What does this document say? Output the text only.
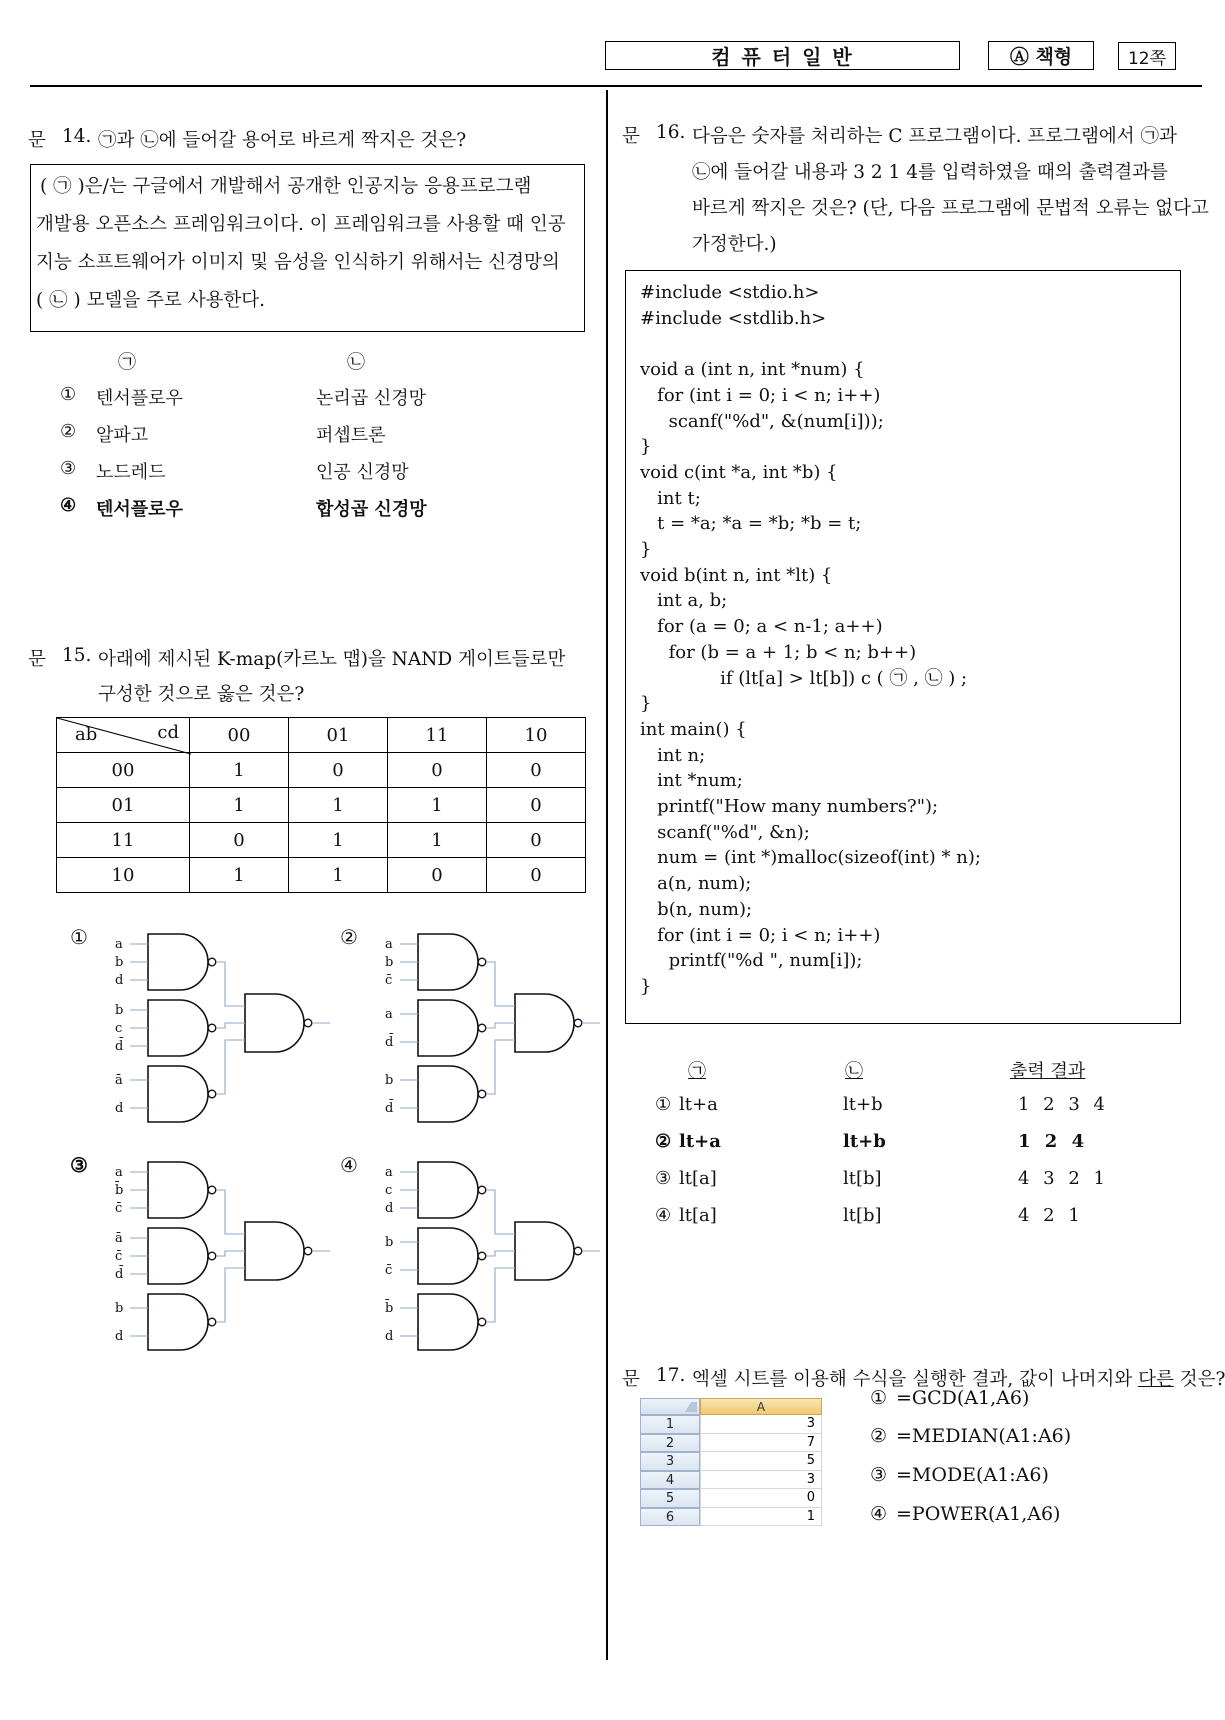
컴 퓨 터 일 반	Ⓐ 책형	12쪽
문 14. ㉠과 ㉡에 들어갈 용어로 바르게 짝지은 것은?
( ㉠ )은/는 구글에서 개발해서 공개한 인공지능 응용프로그램
개발용 오픈소스 프레임워크이다. 이 프레임워크를 사용할 때 인공
지능 소프트웨어가 이미지 및 음성을 인식하기 위해서는 신경망의
( ㉡ ) 모델을 주로 사용한다.
㉠	㉡
① 텐서플로우	논리곱 신경망
② 알파고	퍼셉트론
③ 노드레드	인공 신경망
④ 텐서플로우	합성곱 신경망
문 15. 아래에 제시된 K-map(카르노 맵)을 NAND 게이트들로만
구성한 것으로 옳은 것은?
ab cd	00	01	11	10
00	1	0	0	0
01	1	1	1	0
11	0	1	1	0
10	1	1	0	0
① a
b
d
b
c
d̄
ā
d
② a
b
c̄
a
d̄
b
d̄
③ a
b̄
c̄
ā
c̄
d̄
b
d
④ a
c
d
b
c̄
b̄
d
문 16. 다음은 숫자를 처리하는 C 프로그램이다. 프로그램에서 ㉠과
㉡에 들어갈 내용과 3 2 1 4를 입력하였을 때의 출력결과를
바르게 짝지은 것은? (단, 다음 프로그램에 문법적 오류는 없다고
가정한다.)
#include <stdio.h>
#include <stdlib.h>

void a (int n, int *num) {
for (int i = 0; i < n; i++)
scanf("%d", &(num[i]));
}
void c(int *a, int *b) {
int t;
t = *a; *a = *b; *b = t;
}
void b(int n, int *lt) {
int a, b;
for (a = 0; a < n-1; a++)
for (b = a + 1; b < n; b++)
if (lt[a] > lt[b]) c ( ㉠ , ㉡ ) ;
}
int main() {
int n;
int *num;
printf("How many numbers?");
scanf("%d", &n);
num = (int *)malloc(sizeof(int) * n);
a(n, num);
b(n, num);
for (int i = 0; i < n; i++)
printf("%d ", num[i]);
}
㉠	㉡	출력 결과
① lt+a	lt+b	1 2 3 4
② lt+a	lt+b	1 2 4
③ lt[a]	lt[b]	4 3 2 1
④ lt[a]	lt[b]	4 2 1
문 17. 엑셀 시트를 이용해 수식을 실행한 결과, 값이 나머지와 다른 것은?
A
1	3
2	7
3	5
4	3
5	0
6	1
① =GCD(A1,A6)
② =MEDIAN(A1:A6)
③ =MODE(A1:A6)
④ =POWER(A1,A6)
